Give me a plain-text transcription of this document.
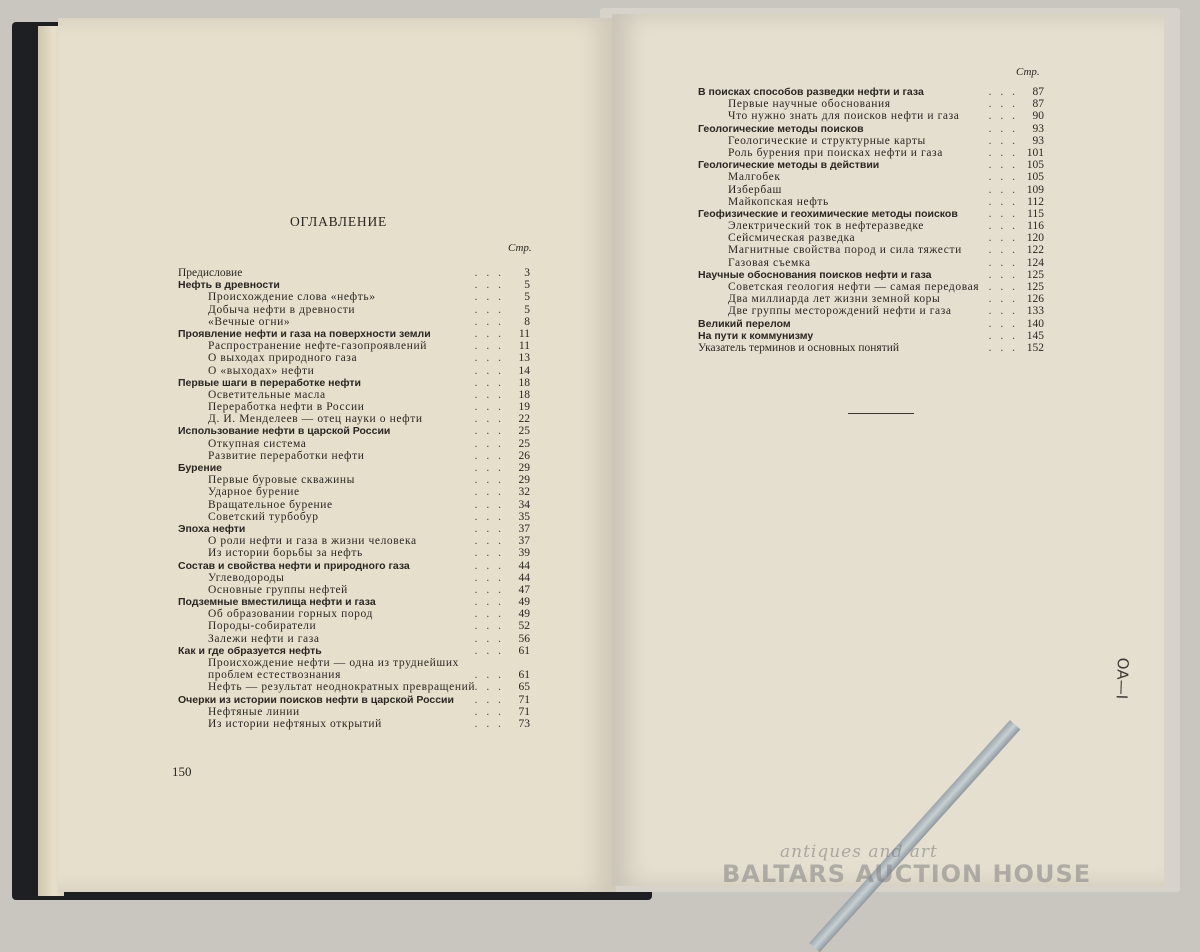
ОГЛАВЛЕНИЕ
Стр.
Предисловие	. . . 3
Нефть в древности	. . . 5
Происхождение слова «нефть»	. . . 5
Добыча нефти в древности	. . . 5
«Вечные огни»	. . . 8
Проявление нефти и газа на поверхности земли	. . . 11
Распространение нефте-газопроявлений	. . . 11
О выходах природного газа	. . . 13
О «выходах» нефти	. . . 14
Первые шаги в переработке нефти	. . . 18
Осветительные масла	. . . 18
Переработка нефти в России	. . . 19
Д. И. Менделеев — отец науки о нефти	. . . 22
Использование нефти в царской России	. . . 25
Откупная система	. . . 25
Развитие переработки нефти	. . . 26
Бурение	. . . 29
Первые буровые скважины	. . . 29
Ударное бурение	. . . 32
Вращательное бурение	. . . 34
Советский турбобур	. . . 35
Эпоха нефти	. . . 37
О роли нефти и газа в жизни человека	. . . 37
Из истории борьбы за нефть	. . . 39
Состав и свойства нефти и природного газа	. . . 44
Углеводороды	. . . 44
Основные группы нефтей	. . . 47
Подземные вместилища нефти и газа	. . . 49
Об образовании горных пород	. . . 49
Породы-собиратели	. . . 52
Залежи нефти и газа	. . . 56
Как и где образуется нефть	. . . 61
Происхождение нефти — одна из труднейших
проблем естествознания	. . . 61
Нефть — результат неоднократных превращений . . . 65
Очерки из истории поисков нефти в царской России . . . 71
Нефтяные линии	. . . 71
Из истории нефтяных открытий	. . . 73
150
Стр.
В поисках способов разведки нефти и газа	. . . 87
Первые научные обоснования	. . . 87
Что нужно знать для поисков нефти и газа	. . . 90
Геологические методы поисков	. . . 93
Геологические и структурные карты	. . . 93
Роль бурения при поисках нефти и газа	. . . 101
Геологические методы в действии	. . . 105
Малгобек	. . . 105
Избербаш	. . . 109
Майкопская нефть	. . . 112
Геофизические и геохимические методы поисков	. . . 115
Электрический ток в нефтеразведке	. . . 116
Сейсмическая разведка	. . . 120
Магнитные свойства пород и сила тяжести . . . 122
Газовая съемка	. . . 124
Научные обоснования поисков нефти и газа	. . . 125
Советская геология нефти — самая передовая . . . 125
Два миллиарда лет жизни земной коры	. . . 126
Две группы месторождений нефти и газа	. . . 133
Великий перелом	. . . 140
На пути к коммунизму	. . . 145
Указатель терминов и основных понятий	. . . 152
ОА—I
antiques and art
BALTARS AUCTION HOUSE
